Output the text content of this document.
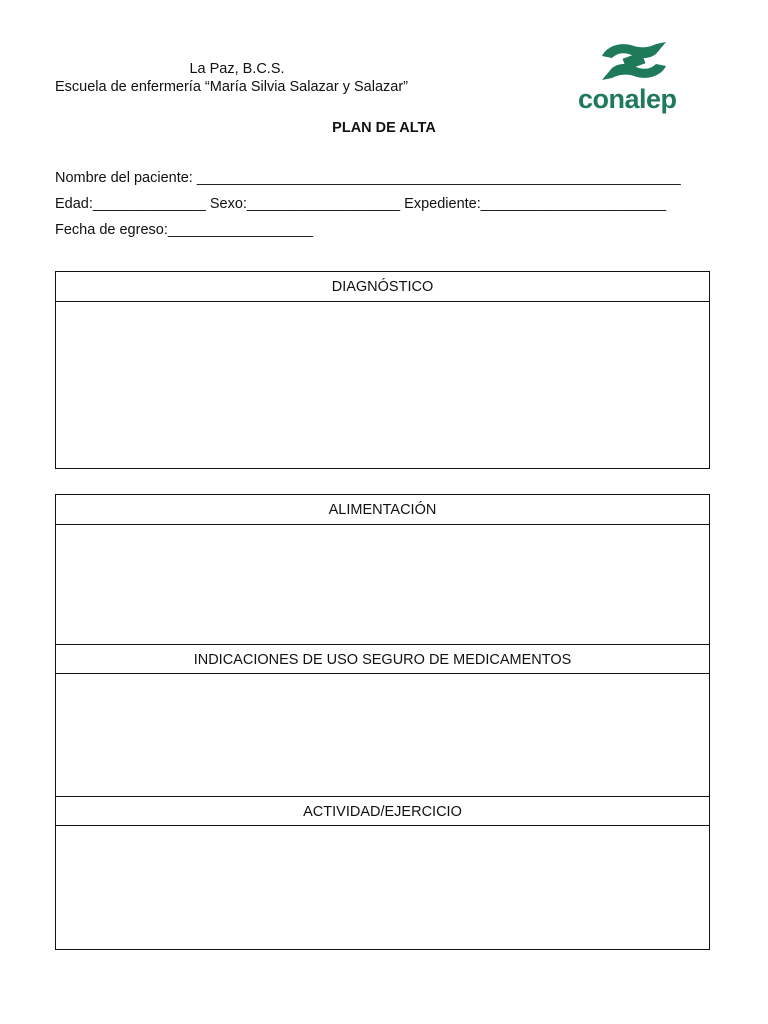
La Paz, B.C.S.
Escuela de enfermería “María Silvia Salazar y Salazar”	conalep
PLAN DE ALTA
Nombre del paciente: ____________________________________________________________
Edad:______________ Sexo:___________________ Expediente:_______________________
Fecha de egreso:__________________
DIAGNÓSTICO
ALIMENTACIÓN
INDICACIONES DE USO SEGURO DE MEDICAMENTOS
ACTIVIDAD/EJERCICIO
